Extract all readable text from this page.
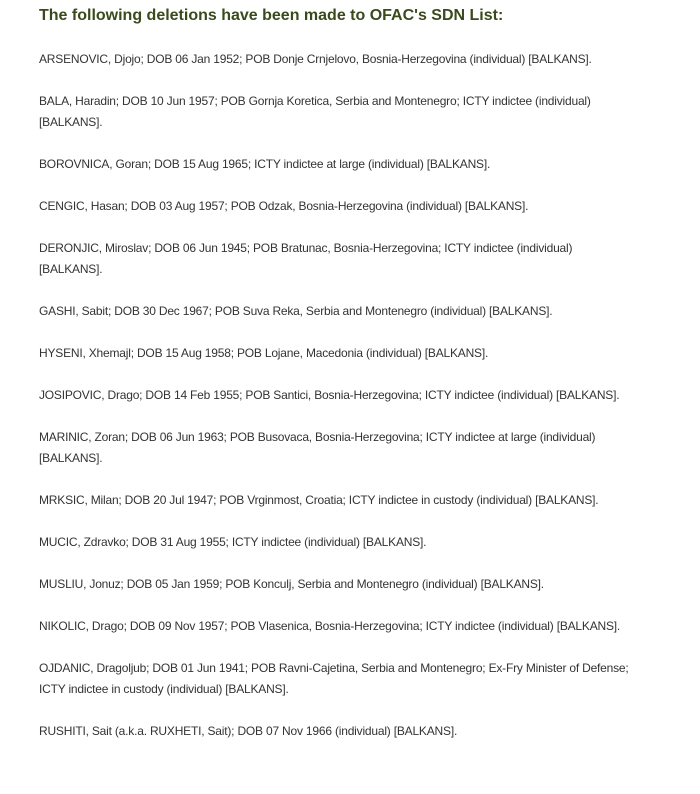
The following deletions have been made to OFAC's SDN List:

ARSENOVIC, Djojo; DOB 06 Jan 1952; POB Donje Crnjelovo, Bosnia-Herzegovina (individual) [BALKANS].

BALA, Haradin; DOB 10 Jun 1957; POB Gornja Koretica, Serbia and Montenegro; ICTY indictee (individual) [BALKANS].

BOROVNICA, Goran; DOB 15 Aug 1965; ICTY indictee at large (individual) [BALKANS].

CENGIC, Hasan; DOB 03 Aug 1957; POB Odzak, Bosnia-Herzegovina (individual) [BALKANS].

DERONJIC, Miroslav; DOB 06 Jun 1945; POB Bratunac, Bosnia-Herzegovina; ICTY indictee (individual) [BALKANS].

GASHI, Sabit; DOB 30 Dec 1967; POB Suva Reka, Serbia and Montenegro (individual) [BALKANS].

HYSENI, Xhemajl; DOB 15 Aug 1958; POB Lojane, Macedonia (individual) [BALKANS].

JOSIPOVIC, Drago; DOB 14 Feb 1955; POB Santici, Bosnia-Herzegovina; ICTY indictee (individual) [BALKANS].

MARINIC, Zoran; DOB 06 Jun 1963; POB Busovaca, Bosnia-Herzegovina; ICTY indictee at large (individual) [BALKANS].

MRKSIC, Milan; DOB 20 Jul 1947; POB Vrginmost, Croatia; ICTY indictee in custody (individual) [BALKANS].

MUCIC, Zdravko; DOB 31 Aug 1955; ICTY indictee (individual) [BALKANS].

MUSLIU, Jonuz; DOB 05 Jan 1959; POB Konculj, Serbia and Montenegro (individual) [BALKANS].

NIKOLIC, Drago; DOB 09 Nov 1957; POB Vlasenica, Bosnia-Herzegovina; ICTY indictee (individual) [BALKANS].

OJDANIC, Dragoljub; DOB 01 Jun 1941; POB Ravni-Cajetina, Serbia and Montenegro; Ex-Fry Minister of Defense; ICTY indictee in custody (individual) [BALKANS].

RUSHITI, Sait (a.k.a. RUXHETI, Sait); DOB 07 Nov 1966 (individual) [BALKANS].
